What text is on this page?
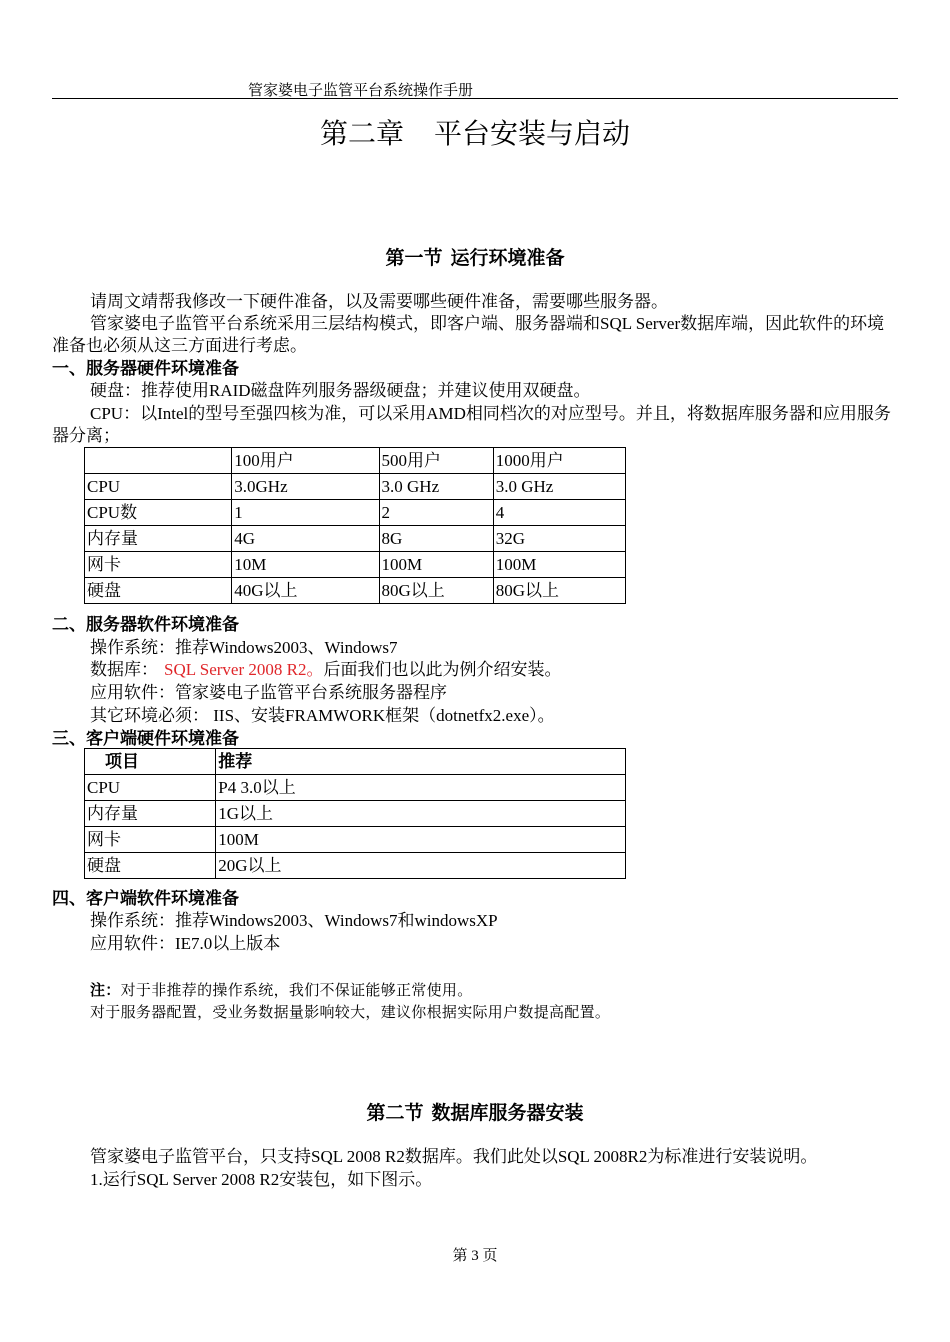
管家婆电子监管平台系统操作手册
第二章 平台安装与启动
第一节 运行环境准备
请周文靖帮我修改一下硬件准备，以及需要哪些硬件准备，需要哪些服务器。
管家婆电子监管平台系统采用三层结构模式，即客户端、服务器端和SQL Server数据库端，因此软件的环境准备也必须从这三方面进行考虑。
一、服务器硬件环境准备
硬盘：推荐使用RAID磁盘阵列服务器级硬盘；并建议使用双硬盘。
CPU：以Intel的型号至强四核为准，可以采用AMD相同档次的对应型号。并且，将数据库服务器和应用服务器分离；
	100用户	500用户	1000用户
CPU	3.0GHz	3.0 GHz	3.0 GHz
CPU数	1	2	4
内存量	4G	8G	32G
网卡	10M	100M	100M
硬盘	40G以上	80G以上	80G以上
二、服务器软件环境准备
操作系统：推荐Windows2003、Windows7
数据库： SQL Server 2008 R2。后面我们也以此为例介绍安装。
应用软件：管家婆电子监管平台系统服务器程序
其它环境必须： IIS、安装FRAMWORK框架（dotnetfx2.exe）。
三、客户端硬件环境准备
项目	推荐
CPU	P4 3.0以上
内存量	1G以上
网卡	100M
硬盘	20G以上
四、客户端软件环境准备
操作系统：推荐Windows2003、Windows7和windowsXP
应用软件：IE7.0以上版本
注：对于非推荐的操作系统，我们不保证能够正常使用。
对于服务器配置，受业务数据量影响较大，建议你根据实际用户数提高配置。
第二节 数据库服务器安装
管家婆电子监管平台，只支持SQL 2008 R2数据库。我们此处以SQL 2008R2为标准进行安装说明。
1.运行SQL Server 2008 R2安装包，如下图示。
第 3 页
